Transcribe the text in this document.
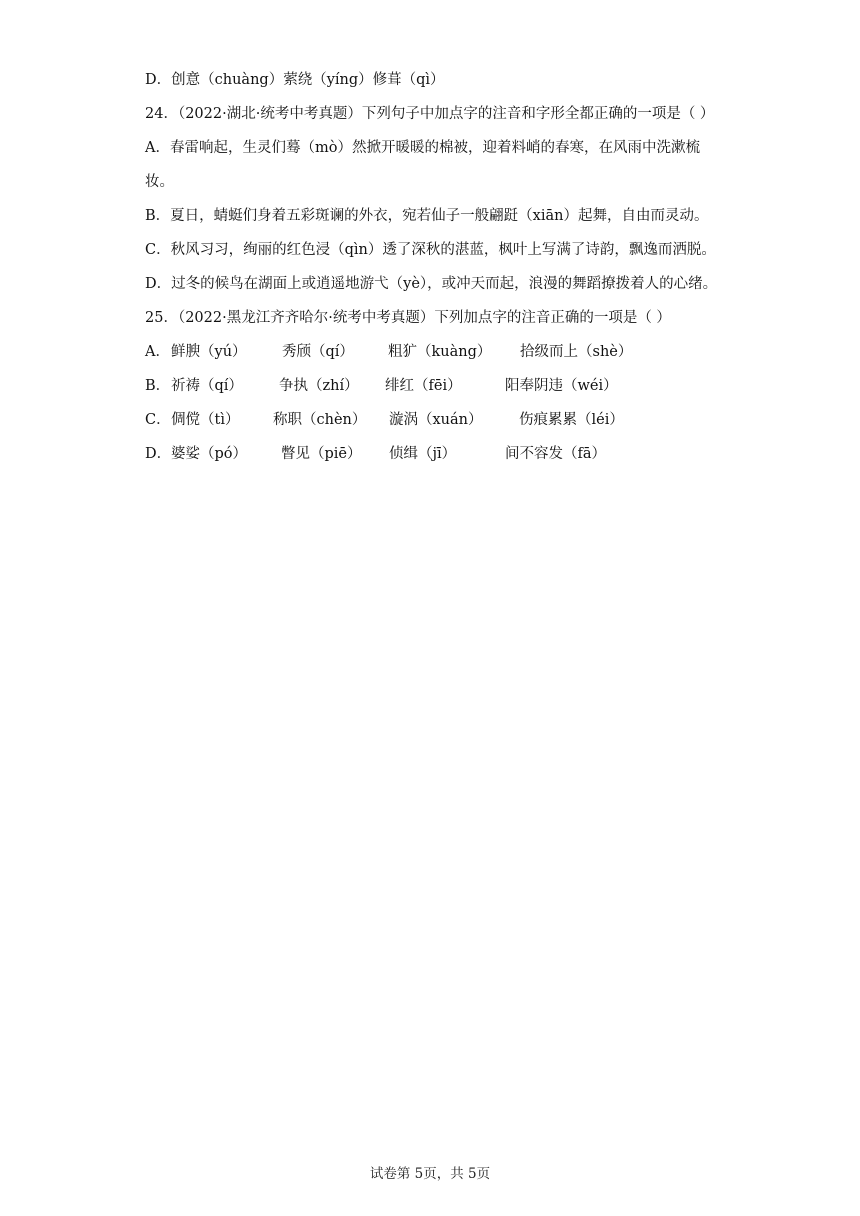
D．创意（chuàng）萦绕（yíng）修葺（qì）
24．（2022·湖北·统考中考真题）下列句子中加点字的注音和字形全都正确的一项是（ ）
A．春雷响起，生灵们蓦（mò）然掀开暖暖的棉被，迎着料峭的春寒，在风雨中洗漱梳
妆。
B．夏日，蜻蜓们身着五彩斑谰的外衣，宛若仙子一般翩跹（xiān）起舞，自由而灵动。
C．秋风习习，绚丽的红色浸（qìn）透了深秋的湛蓝，枫叶上写满了诗韵，飘逸而洒脱。
D．过冬的候鸟在湖面上或逍遥地游弋（yè），或冲天而起，浪漫的舞蹈撩拨着人的心绪。
25．（2022·黑龙江齐齐哈尔·统考中考真题）下列加点字的注音正确的一项是（ ）
A． 鲜腴（yú）	秀颀（qí）	粗犷（kuàng）	拾级而上（shè）
B． 祈祷（qí）	争执（zhí）	绯红（fēi）	阳奉阴违（wéi）
C． 倜傥（tì）	称职（chèn）	漩涡（xuán）	伤痕累累（léi）
D． 婆娑（pó）	瞥见（piē）	侦缉（jī）	间不容发（fā）
试卷第 5页，共 5页
